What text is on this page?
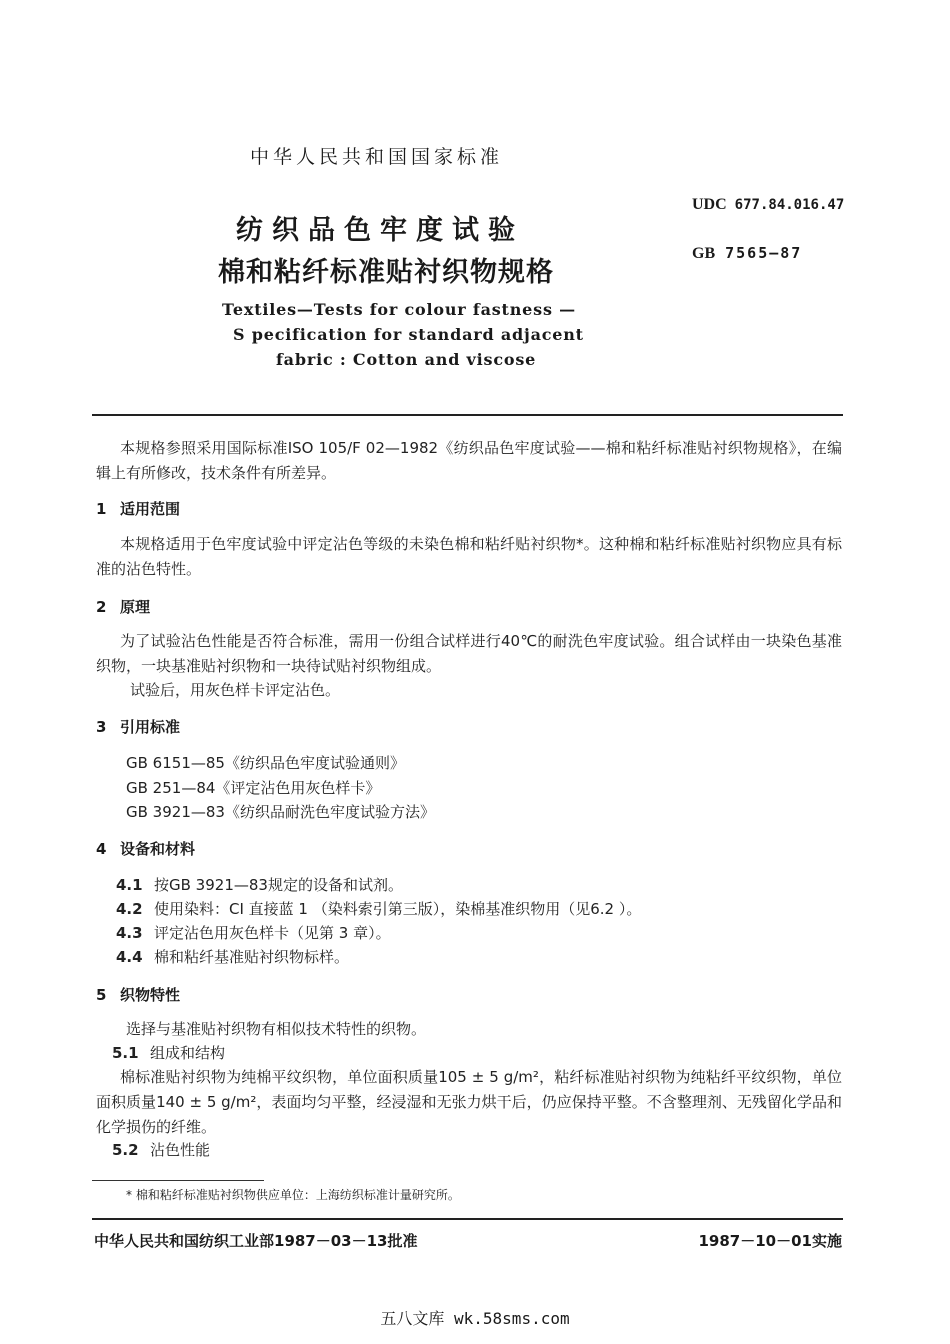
中华人民共和国国家标准
纺织品色牢度试验
棉和粘纤标准贴衬织物规格
Textiles—Tests for colour fastness —
S pecification for standard adjacent
fabric : Cotton and viscose
UDC 677.84.016.47
GB 7565—87
本规格参照采用国际标准ISO 105/F 02—1982《纺织品色牢度试验——棉和粘纤标准贴衬织物规格》，在编辑上有所修改，技术条件有所差异。
1 适用范围
本规格适用于色牢度试验中评定沾色等级的未染色棉和粘纤贴衬织物*。这种棉和粘纤标准贴衬织物应具有标准的沾色特性。
2 原理
为了试验沾色性能是否符合标准，需用一份组合试样进行40℃的耐洗色牢度试验。组合试样由一块染色基准织物，一块基准贴衬织物和一块待试贴衬织物组成。
试验后，用灰色样卡评定沾色。
3 引用标准
GB 6151—85《纺织品色牢度试验通则》
GB 251—84《评定沾色用灰色样卡》
GB 3921—83《纺织品耐洗色牢度试验方法》
4 设备和材料
4.1 按GB 3921—83规定的设备和试剂。
4.2 使用染料：CI 直接蓝 1 （染料索引第三版），染棉基准织物用（见6.2 ）。
4.3 评定沾色用灰色样卡（见第 3 章）。
4.4 棉和粘纤基准贴衬织物标样。
5 织物特性
选择与基准贴衬织物有相似技术特性的织物。
5.1 组成和结构
棉标准贴衬织物为纯棉平纹织物，单位面积质量105 ± 5 g/m²，粘纤标准贴衬织物为纯粘纤平纹织物，单位面积质量140 ± 5 g/m²，表面均匀平整，经浸湿和无张力烘干后，仍应保持平整。不含整理剂、无残留化学品和化学损伤的纤维。
5.2 沾色性能
* 棉和粘纤标准贴衬织物供应单位：上海纺织标准计量研究所。
中华人民共和国纺织工业部1987－03－13批准	1987－10－01实施
五八文库 wk.58sms.com
